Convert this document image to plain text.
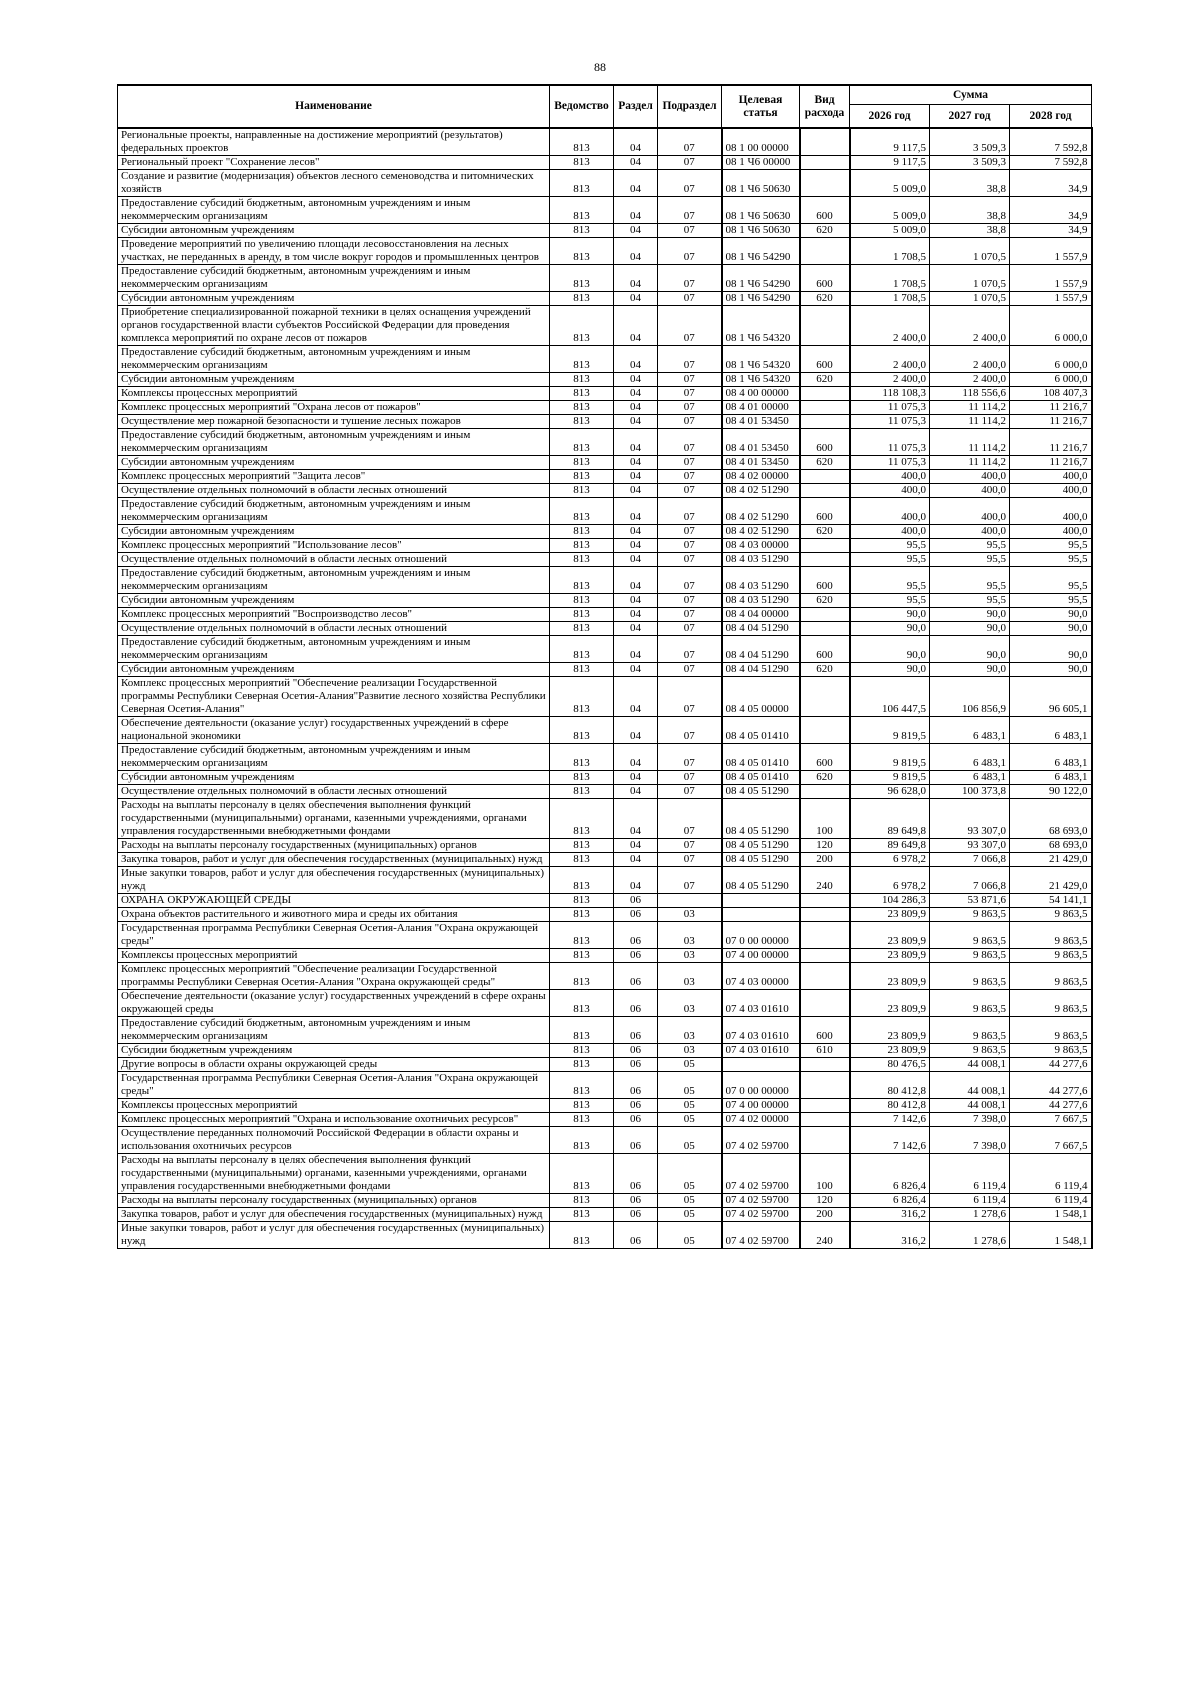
88
Наименование	Ведомство	Раздел	Подраздел	Целевая статья	Вид расхода	Сумма		
						2026 год	2027 год	2028 год
Региональные проекты, направленные на достижение мероприятий (результатов) федеральных проектов	813	04	07	08 1 00 00000		9 117,5	3 509,3	7 592,8
Региональный проект "Сохранение лесов"	813	04	07	08 1 Ч6 00000		9 117,5	3 509,3	7 592,8
Создание и развитие (модернизация) объектов лесного семеноводства и питомнических хозяйств	813	04	07	08 1 Ч6 50630		5 009,0	38,8	34,9
Предоставление субсидий бюджетным, автономным учреждениям и иным некоммерческим организациям	813	04	07	08 1 Ч6 50630	600	5 009,0	38,8	34,9
Субсидии автономным учреждениям	813	04	07	08 1 Ч6 50630	620	5 009,0	38,8	34,9
Проведение мероприятий по увеличению площади лесовосстановления на лесных участках, не переданных в аренду, в том числе вокруг городов и промышленных центров	813	04	07	08 1 Ч6 54290		1 708,5	1 070,5	1 557,9
Предоставление субсидий бюджетным, автономным учреждениям и иным некоммерческим организациям	813	04	07	08 1 Ч6 54290	600	1 708,5	1 070,5	1 557,9
Субсидии автономным учреждениям	813	04	07	08 1 Ч6 54290	620	1 708,5	1 070,5	1 557,9
Приобретение специализированной пожарной техники в целях оснащения учреждений органов государственной власти субъектов Российской Федерации для проведения комплекса мероприятий по охране лесов от пожаров	813	04	07	08 1 Ч6 54320		2 400,0	2 400,0	6 000,0
Предоставление субсидий бюджетным, автономным учреждениям и иным некоммерческим организациям	813	04	07	08 1 Ч6 54320	600	2 400,0	2 400,0	6 000,0
Субсидии автономным учреждениям	813	04	07	08 1 Ч6 54320	620	2 400,0	2 400,0	6 000,0
Комплексы процессных мероприятий	813	04	07	08 4 00 00000		118 108,3	118 556,6	108 407,3
Комплекс процессных мероприятий "Охрана лесов от пожаров"	813	04	07	08 4 01 00000		11 075,3	11 114,2	11 216,7
Осуществление мер пожарной безопасности и тушение лесных пожаров	813	04	07	08 4 01 53450		11 075,3	11 114,2	11 216,7
Предоставление субсидий бюджетным, автономным учреждениям и иным некоммерческим организациям	813	04	07	08 4 01 53450	600	11 075,3	11 114,2	11 216,7
Субсидии автономным учреждениям	813	04	07	08 4 01 53450	620	11 075,3	11 114,2	11 216,7
Комплекс процессных мероприятий "Защита лесов"	813	04	07	08 4 02 00000		400,0	400,0	400,0
Осуществление отдельных полномочий в области лесных отношений	813	04	07	08 4 02 51290		400,0	400,0	400,0
Предоставление субсидий бюджетным, автономным учреждениям и иным некоммерческим организациям	813	04	07	08 4 02 51290	600	400,0	400,0	400,0
Субсидии автономным учреждениям	813	04	07	08 4 02 51290	620	400,0	400,0	400,0
Комплекс процессных мероприятий "Использование лесов"	813	04	07	08 4 03 00000		95,5	95,5	95,5
Осуществление отдельных полномочий в области лесных отношений	813	04	07	08 4 03 51290		95,5	95,5	95,5
Предоставление субсидий бюджетным, автономным учреждениям и иным некоммерческим организациям	813	04	07	08 4 03 51290	600	95,5	95,5	95,5
Субсидии автономным учреждениям	813	04	07	08 4 03 51290	620	95,5	95,5	95,5
Комплекс процессных мероприятий "Воспроизводство лесов"	813	04	07	08 4 04 00000		90,0	90,0	90,0
Осуществление отдельных полномочий в области лесных отношений	813	04	07	08 4 04 51290		90,0	90,0	90,0
Предоставление субсидий бюджетным, автономным учреждениям и иным некоммерческим организациям	813	04	07	08 4 04 51290	600	90,0	90,0	90,0
Субсидии автономным учреждениям	813	04	07	08 4 04 51290	620	90,0	90,0	90,0
Комплекс процессных мероприятий "Обеспечение реализации Государственной программы Республики Северная Осетия-Алания"Развитие лесного хозяйства Республики Северная Осетия-Алания"	813	04	07	08 4 05 00000		106 447,5	106 856,9	96 605,1
Обеспечение деятельности (оказание услуг) государственных учреждений в сфере национальной экономики	813	04	07	08 4 05 01410		9 819,5	6 483,1	6 483,1
Предоставление субсидий бюджетным, автономным учреждениям и иным некоммерческим организациям	813	04	07	08 4 05 01410	600	9 819,5	6 483,1	6 483,1
Субсидии автономным учреждениям	813	04	07	08 4 05 01410	620	9 819,5	6 483,1	6 483,1
Осуществление отдельных полномочий в области лесных отношений	813	04	07	08 4 05 51290		96 628,0	100 373,8	90 122,0
Расходы на выплаты персоналу в целях обеспечения выполнения функций государственными (муниципальными) органами, казенными учреждениями, органами управления государственными внебюджетными фондами	813	04	07	08 4 05 51290	100	89 649,8	93 307,0	68 693,0
Расходы на выплаты персоналу государственных (муниципальных) органов	813	04	07	08 4 05 51290	120	89 649,8	93 307,0	68 693,0
Закупка товаров, работ и услуг для обеспечения государственных (муниципальных) нужд	813	04	07	08 4 05 51290	200	6 978,2	7 066,8	21 429,0
Иные закупки товаров, работ и услуг для обеспечения государственных (муниципальных) нужд	813	04	07	08 4 05 51290	240	6 978,2	7 066,8	21 429,0
ОХРАНА ОКРУЖАЮЩЕЙ СРЕДЫ	813	06				104 286,3	53 871,6	54 141,1
Охрана объектов растительного и животного мира и среды их обитания	813	06	03			23 809,9	9 863,5	9 863,5
Государственная программа Республики Северная Осетия-Алания "Охрана окружающей среды"	813	06	03	07 0 00 00000		23 809,9	9 863,5	9 863,5
Комплексы процессных мероприятий	813	06	03	07 4 00 00000		23 809,9	9 863,5	9 863,5
Комплекс процессных мероприятий "Обеспечение реализации Государственной программы Республики Северная Осетия-Алания "Охрана окружающей среды"	813	06	03	07 4 03 00000		23 809,9	9 863,5	9 863,5
Обеспечение деятельности (оказание услуг) государственных учреждений в сфере охраны окружающей среды	813	06	03	07 4 03 01610		23 809,9	9 863,5	9 863,5
Предоставление субсидий бюджетным, автономным учреждениям и иным некоммерческим организациям	813	06	03	07 4 03 01610	600	23 809,9	9 863,5	9 863,5
Субсидии бюджетным учреждениям	813	06	03	07 4 03 01610	610	23 809,9	9 863,5	9 863,5
Другие вопросы в области охраны окружающей среды	813	06	05			80 476,5	44 008,1	44 277,6
Государственная программа Республики Северная Осетия-Алания "Охрана окружающей среды"	813	06	05	07 0 00 00000		80 412,8	44 008,1	44 277,6
Комплексы процессных мероприятий	813	06	05	07 4 00 00000		80 412,8	44 008,1	44 277,6
Комплекс процессных мероприятий "Охрана и использование охотничьих ресурсов"	813	06	05	07 4 02 00000		7 142,6	7 398,0	7 667,5
Осуществление переданных полномочий Российской Федерации в области охраны и использования охотничьих ресурсов	813	06	05	07 4 02 59700		7 142,6	7 398,0	7 667,5
Расходы на выплаты персоналу в целях обеспечения выполнения функций государственными (муниципальными) органами, казенными учреждениями, органами управления государственными внебюджетными фондами	813	06	05	07 4 02 59700	100	6 826,4	6 119,4	6 119,4
Расходы на выплаты персоналу государственных (муниципальных) органов	813	06	05	07 4 02 59700	120	6 826,4	6 119,4	6 119,4
Закупка товаров, работ и услуг для обеспечения государственных (муниципальных) нужд	813	06	05	07 4 02 59700	200	316,2	1 278,6	1 548,1
Иные закупки товаров, работ и услуг для обеспечения государственных (муниципальных) нужд	813	06	05	07 4 02 59700	240	316,2	1 278,6	1 548,1
